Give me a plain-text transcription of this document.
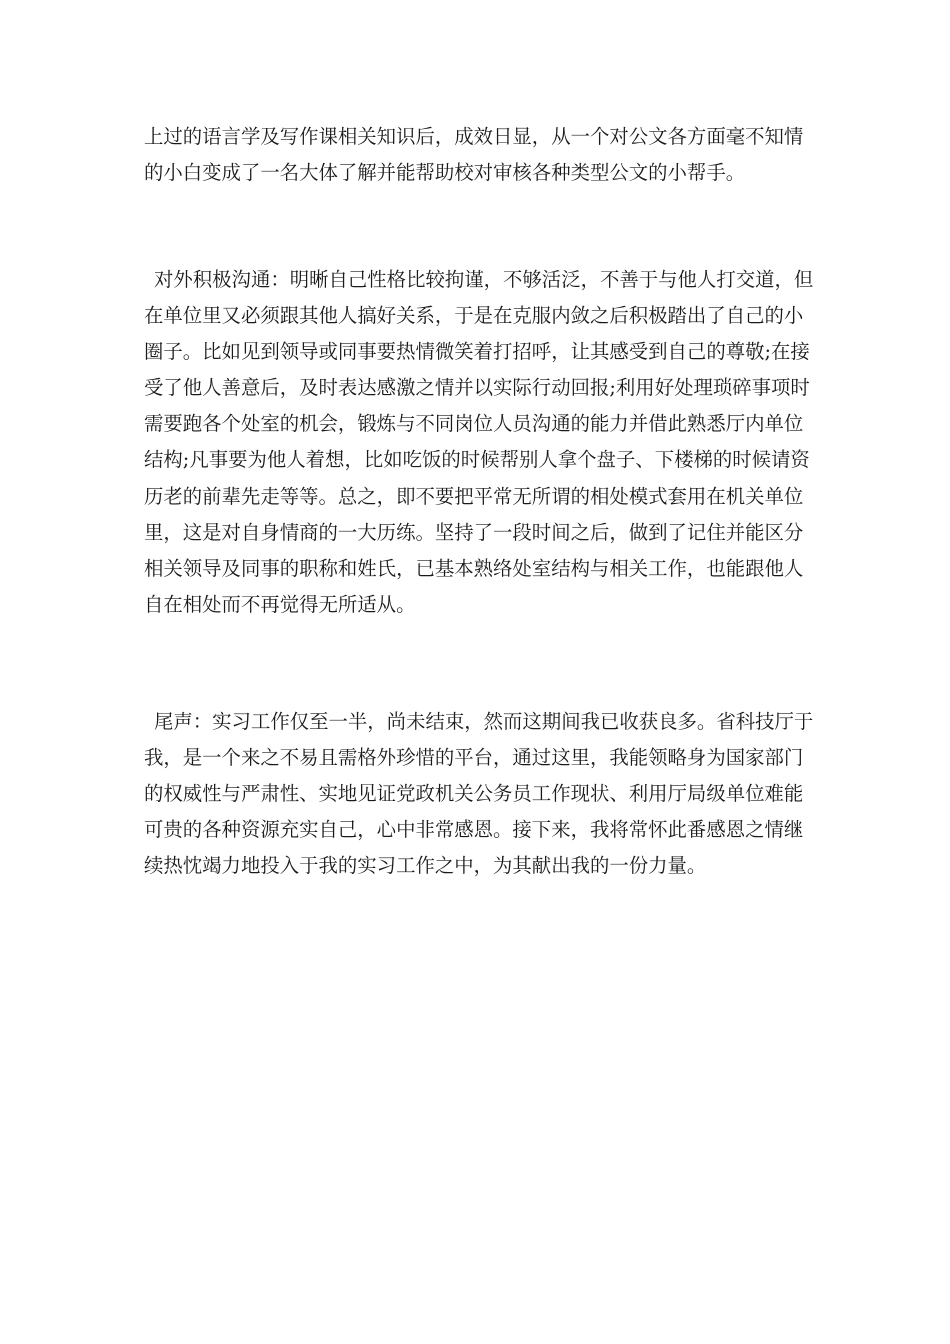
上过的语言学及写作课相关知识后，成效日显，从一个对公文各方面毫不知情
的小白变成了一名大体了解并能帮助校对审核各种类型公文的小帮手。

对外积极沟通：明晰自己性格比较拘谨，不够活泛，不善于与他人打交道，但
在单位里又必须跟其他人搞好关系，于是在克服内敛之后积极踏出了自己的小
圈子。比如见到领导或同事要热情微笑着打招呼，让其感受到自己的尊敬;在接
受了他人善意后，及时表达感激之情并以实际行动回报;利用好处理琐碎事项时
需要跑各个处室的机会，锻炼与不同岗位人员沟通的能力并借此熟悉厅内单位
结构;凡事要为他人着想，比如吃饭的时候帮别人拿个盘子、下楼梯的时候请资
历老的前辈先走等等。总之，即不要把平常无所谓的相处模式套用在机关单位
里，这是对自身情商的一大历练。坚持了一段时间之后，做到了记住并能区分
相关领导及同事的职称和姓氏，已基本熟络处室结构与相关工作，也能跟他人
自在相处而不再觉得无所适从。

尾声：实习工作仅至一半，尚未结束，然而这期间我已收获良多。省科技厅于
我，是一个来之不易且需格外珍惜的平台，通过这里，我能领略身为国家部门
的权威性与严肃性、实地见证党政机关公务员工作现状、利用厅局级单位难能
可贵的各种资源充实自己，心中非常感恩。接下来，我将常怀此番感恩之情继
续热忱竭力地投入于我的实习工作之中，为其献出我的一份力量。
